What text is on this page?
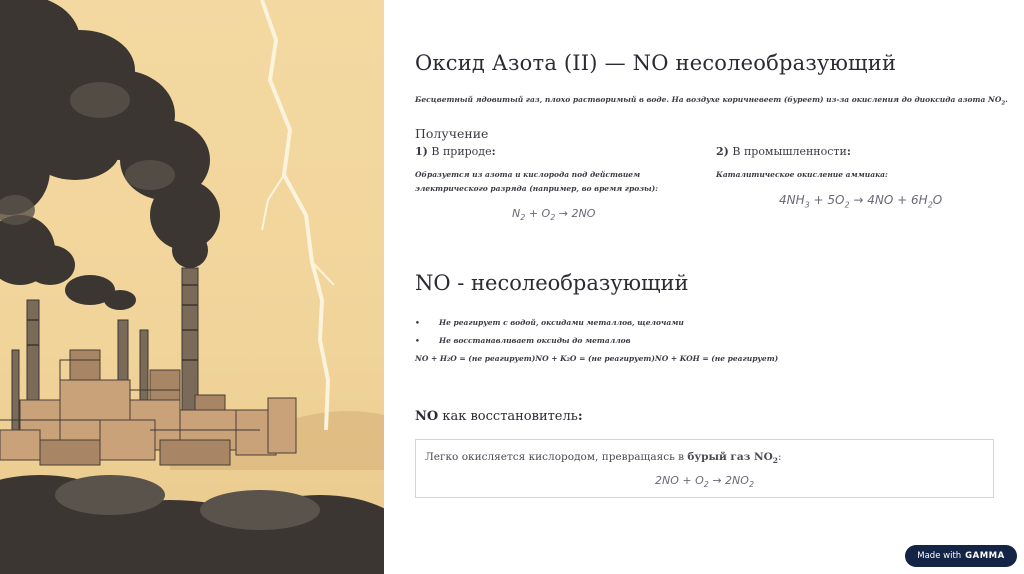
Оксид Азота (II) — NO несолеобразующий
Бесцветный ядовитый газ, плохо растворимый в воде. На воздухе коричневеет (буреет) из-за окисления до диоксида азота $NO_2$.
Получение
1) В природе:
Образуется из азота и кислорода под действием электрического разряда (например, во время грозы):
$N_2 + O_2 \to 2NO$
2) В промышленности:
Каталитическое окисление аммиака:
$4NH_3 + 5O_2 \to 4NO + 6H_2O$
NO - несолеобразующий
•	Не реагирует с водой, оксидами металлов, щелочами
•	Не восстанавливает оксиды до металлов
NO + H₂O = (не реагирует)NO + K₂O = (не реагирует)NO + KOH = (не реагирует)
NO как восстановитель:
Легко окисляется кислородом, превращаясь в бурый газ $NO_2$:
$2NO + O_2 \to 2NO_2$
Made with GAMMA
